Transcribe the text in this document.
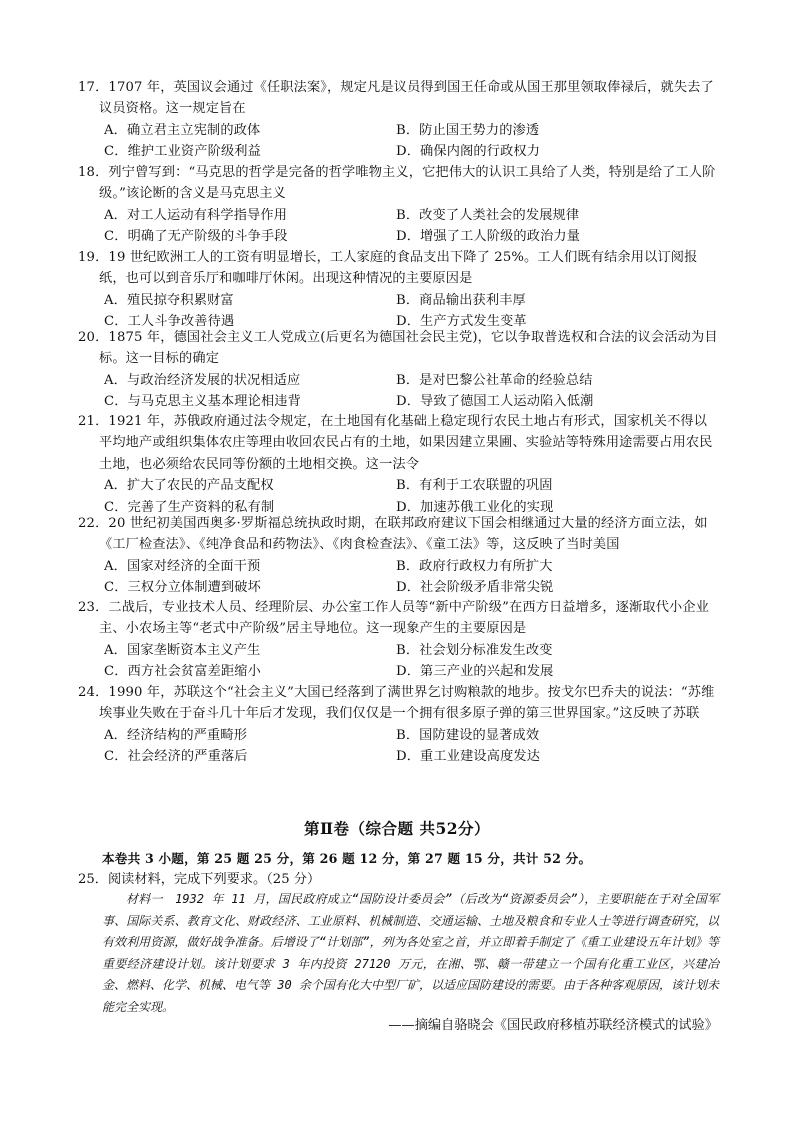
17．1707 年，英国议会通过《任职法案》，规定凡是议员得到国王任命或从国王那里领取俸禄后，就失去了议员资格。这一规定旨在

A．确立君主立宪制的政体	B．防止国王势力的渗透
C．维护工业资产阶级利益	D．确保内阁的行政权力

18．列宁曾写到：“马克思的哲学是完备的哲学唯物主义，它把伟大的认识工具给了人类，特别是给了工人阶级。”该论断的含义是马克思主义

A．对工人运动有科学指导作用	B．改变了人类社会的发展规律
C．明确了无产阶级的斗争手段	D．增强了工人阶级的政治力量

19．19 世纪欧洲工人的工资有明显增长，工人家庭的食品支出下降了 25%。工人们既有结余用以订阅报纸，也可以到音乐厅和咖啡厅休闲。出现这种情况的主要原因是

A．殖民掠夺积累财富	B．商品输出获利丰厚
C．工人斗争改善待遇	D．生产方式发生变革

20．1875 年，德国社会主义工人党成立(后更名为德国社会民主党)，它以争取普选权和合法的议会活动为目标。这一目标的确定

A．与政治经济发展的状况相适应	B．是对巴黎公社革命的经验总结
C．与马克思主义基本理论相违背	D．导致了德国工人运动陷入低潮

21．1921 年，苏俄政府通过法令规定，在土地国有化基础上稳定现行农民土地占有形式，国家机关不得以平均地产或组织集体农庄等理由收回农民占有的土地，如果因建立果圃、实验站等特殊用途需要占用农民土地，也必须给农民同等份额的土地相交换。这一法令

A．扩大了农民的产品支配权	B．有利于工农联盟的巩固
C．完善了生产资料的私有制	D．加速苏俄工业化的实现

22．20 世纪初美国西奥多·罗斯福总统执政时期，在联邦政府建议下国会相继通过大量的经济方面立法，如《工厂检查法》、《纯净食品和药物法》、《肉食检查法》、《童工法》等，这反映了当时美国

A．国家对经济的全面干预	B．政府行政权力有所扩大
C．三权分立体制遭到破坏	D．社会阶级矛盾非常尖锐

23．二战后，专业技术人员、经理阶层、办公室工作人员等“新中产阶级”在西方日益增多，逐渐取代小企业主、小农场主等“老式中产阶级”居主导地位。这一现象产生的主要原因是

A．国家垄断资本主义产生	B．社会划分标准发生改变
C．西方社会贫富差距缩小	D．第三产业的兴起和发展

24．1990 年，苏联这个“社会主义”大国已经落到了满世界乞讨购粮款的地步。按戈尔巴乔夫的说法：“苏维埃事业失败在于奋斗几十年后才发现，我们仅仅是一个拥有很多原子弹的第三世界国家。”这反映了苏联

A．经济结构的严重畸形	B．国防建设的显著成效
C．社会经济的严重落后	D．重工业建设高度发达
第Ⅱ卷（综合题 共52分）
本卷共 3 小题，第 25 题 25 分，第 26 题 12 分，第 27 题 15 分，共计 52 分。
25．阅读材料，完成下列要求。（25 分）

材料一　1932 年 11 月，国民政府成立“国防设计委员会”（后改为“资源委员会”），主要职能在于对全国军事、国际关系、教育文化、财政经济、工业原料、机械制造、交通运输、土地及粮食和专业人士等进行调查研究，以有效利用资源，做好战争准备。后增设了“计划部”，列为各处室之首，并立即着手制定了《重工业建设五年计划》等重要经济建设计划。该计划要求 3 年内投资 27120 万元，在湘、鄂、赣一带建立一个国有化重工业区，兴建冶金、燃料、化学、机械、电气等 30 余个国有化大中型厂矿，以适应国防建设的需要。由于各种客观原因，该计划未能完全实现。

——摘编自骆晓会《国民政府移植苏联经济模式的试验》
